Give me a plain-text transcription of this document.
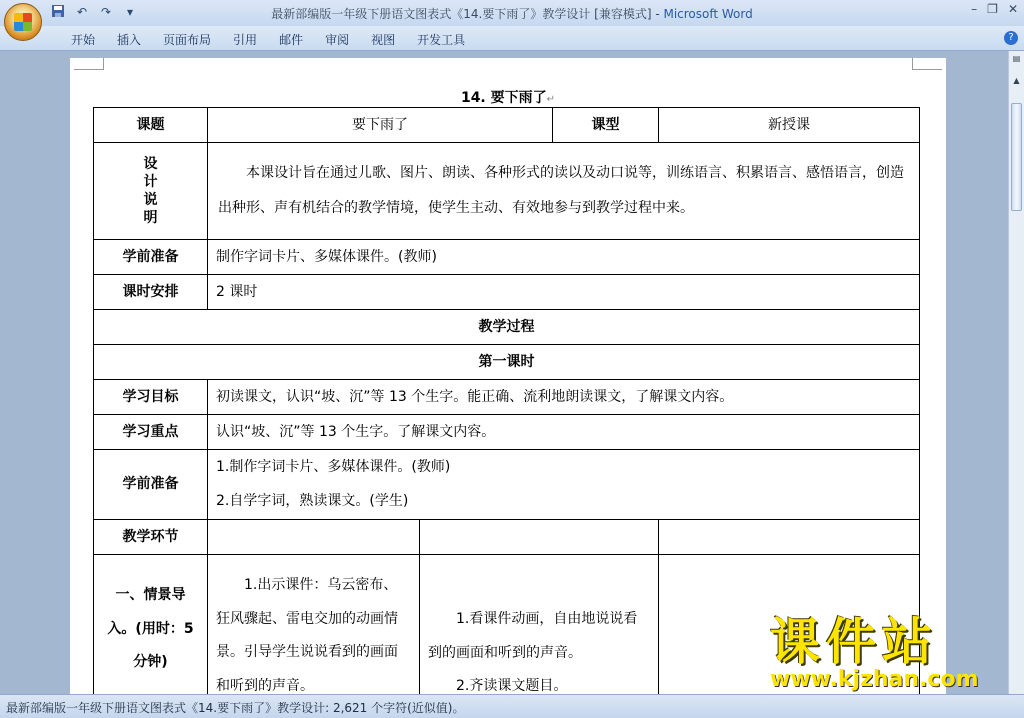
↶ ↷	▾	最新部编版一年级下册语文图表式《14.要下雨了》教学设计 [兼容模式] - Microsoft Word	– ❐ ✕
开始	插入	页面布局	引用	邮件	审阅	视图	开发工具	?
14. 要下雨了↵
课题	要下雨了		课型	新授课

设计说明	本课设计旨在通过儿歌、图片、朗读、各种形式的读以及动口说等，训练语言、积累语言、感悟语言，创造出种形、声有机结合的教学情境，使学生主动、有效地参与到教学过程中来。			
学前准备	制作字词卡片、多媒体课件。(教师)			
课时安排	2 课时			
教学过程				
第一课时				
学习目标	初读课文，认识“坡、沉”等 13 个生字。能正确、流利地朗读课文，了解课文内容。			
学习重点	认识“坡、沉”等 13 个生字。了解课文内容。			
学前准备	1.制作字词卡片、多媒体课件。(教师)
2.自学字词，熟读课文。(学生)			

教学环节				
一、情景导入。(用时：5 分钟)	1.出示课件：乌云密布、狂风骤起、雷电交加的动画情景。引导学生说说看到的画面和听到的声音。	1.看课件动画，自由地说说看到的画面和听到的声音。
2.齐读课文题目。		

▤
▲
最新部编版一年级下册语文图表式《14.要下雨了》教学设计: 2,621 个字符(近似值)。
课件站
www.kjzhan.com
